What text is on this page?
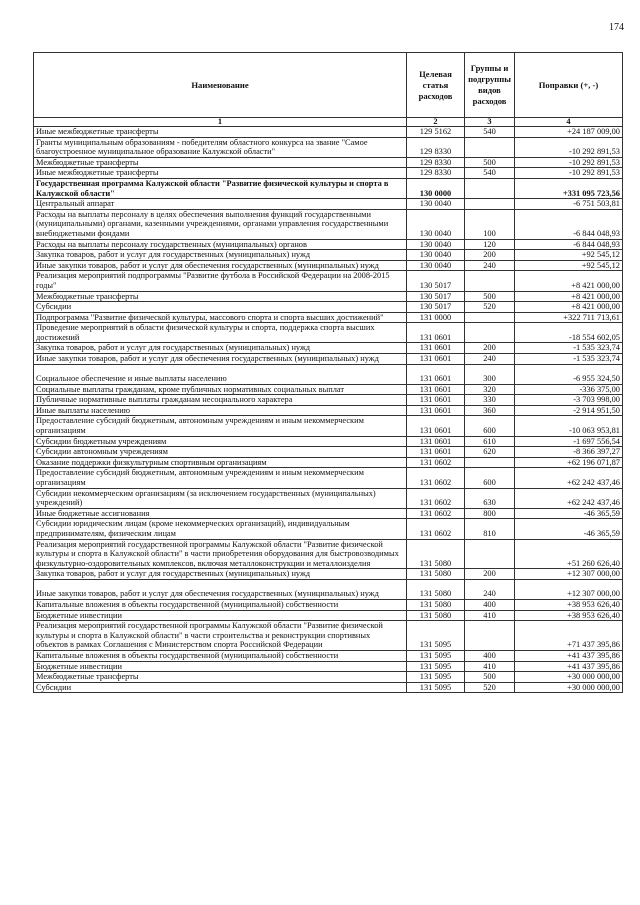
174
Наименование	Целевая статья расходов	Группы и подгруппы видов расходов	Поправки (+, -)
1	2	3	4
Иные межбюджетные трансферты	129 5162	540	+24 187 009,00
Гранты муниципальным образованиям - победителям областного конкурса на звание "Самое благоустроенное муниципальное образование Калужской области"	129 8330		-10 292 891,53
Межбюджетные трансферты	129 8330	500	-10 292 891,53
Иные межбюджетные трансферты	129 8330	540	-10 292 891,53
Государственная программа Калужской области "Развитие физической культуры и спорта в Калужской области"	130 0000		+331 095 723,56
Центральный аппарат	130 0040		-6 751 503,81
Расходы на выплаты персоналу в целях обеспечения выполнения функций государственными (муниципальными) органами, казенными учреждениями, органами управления государственными внебюджетными фондами	130 0040	100	-6 844 048,93
Расходы на выплаты персоналу государственных (муниципальных) органов	130 0040	120	-6 844 048,93
Закупка товаров, работ и услуг для государственных (муниципальных) нужд	130 0040	200	+92 545,12
Иные закупки товаров, работ и услуг для обеспечения государственных (муниципальных) нужд	130 0040	240	+92 545,12
Реализация мероприятий подпрограммы "Развитие футбола в Российской Федерации на 2008-2015 годы"	130 5017		+8 421 000,00
Межбюджетные трансферты	130 5017	500	+8 421 000,00
Субсидии	130 5017	520	+8 421 000,00
Подпрограмма "Развитие физической культуры, массового спорта и спорта высших достижений"	131 0000		+322 711 713,61
Проведение мероприятий в области физической культуры и спорта, поддержка спорта высших достижений	131 0601		-18 554 602,05
Закупка товаров, работ и услуг для государственных (муниципальных) нужд	131 0601	200	-1 535 323,74
Иные закупки товаров, работ и услуг для обеспечения государственных (муниципальных) нужд	131 0601	240	-1 535 323,74
Социальное обеспечение и иные выплаты населению	131 0601	300	-6 955 324,50
Социальные выплаты гражданам, кроме публичных нормативных социальных выплат	131 0601	320	-336 375,00
Публичные нормативные выплаты гражданам несоциального характера	131 0601	330	-3 703 998,00
Иные выплаты населению	131 0601	360	-2 914 951,50
Предоставление субсидий бюджетным, автономным учреждениям и иным некоммерческим организациям	131 0601	600	-10 063 953,81
Субсидии бюджетным учреждениям	131 0601	610	-1 697 556,54
Субсидии автономным учреждениям	131 0601	620	-8 366 397,27
Оказание поддержки физкультурным спортивным организациям	131 0602		+62 196 071,87
Предоставление субсидий бюджетным, автономным учреждениям и иным некоммерческим организациям	131 0602	600	+62 242 437,46
Субсидии некоммерческим организациям (за исключением государственных (муниципальных) учреждений)	131 0602	630	+62 242 437,46
Иные бюджетные ассигнования	131 0602	800	-46 365,59
Субсидии юридическим лицам (кроме некоммерческих организаций), индивидуальным предпринимателям, физическим лицам	131 0602	810	-46 365,59
Реализация мероприятий государственной программы Калужской области "Развитие физической культуры и спорта в Калужской области" в части приобретения оборудования для быстровозводимых физкультурно-оздоровительных комплексов, включая металлоконструкции и металлоизделия	131 5080		+51 260 626,40
Закупка товаров, работ и услуг для государственных (муниципальных) нужд	131 5080	200	+12 307 000,00
Иные закупки товаров, работ и услуг для обеспечения государственных (муниципальных) нужд	131 5080	240	+12 307 000,00
Капитальные вложения в объекты государственной (муниципальной) собственности	131 5080	400	+38 953 626,40
Бюджетные инвестиции	131 5080	410	+38 953 626,40
Реализация мероприятий государственной программы Калужской области "Развитие физической культуры и спорта в Калужской области" в части строительства и реконструкции спортивных объектов в рамках Соглашения с Министерством спорта Российской Федерации	131 5095		+71 437 395,86
Капитальные вложения в объекты государственной (муниципальной) собственности	131 5095	400	+41 437 395,86
Бюджетные инвестиции	131 5095	410	+41 437 395,86
Межбюджетные трансферты	131 5095	500	+30 000 000,00
Субсидии	131 5095	520	+30 000 000,00
